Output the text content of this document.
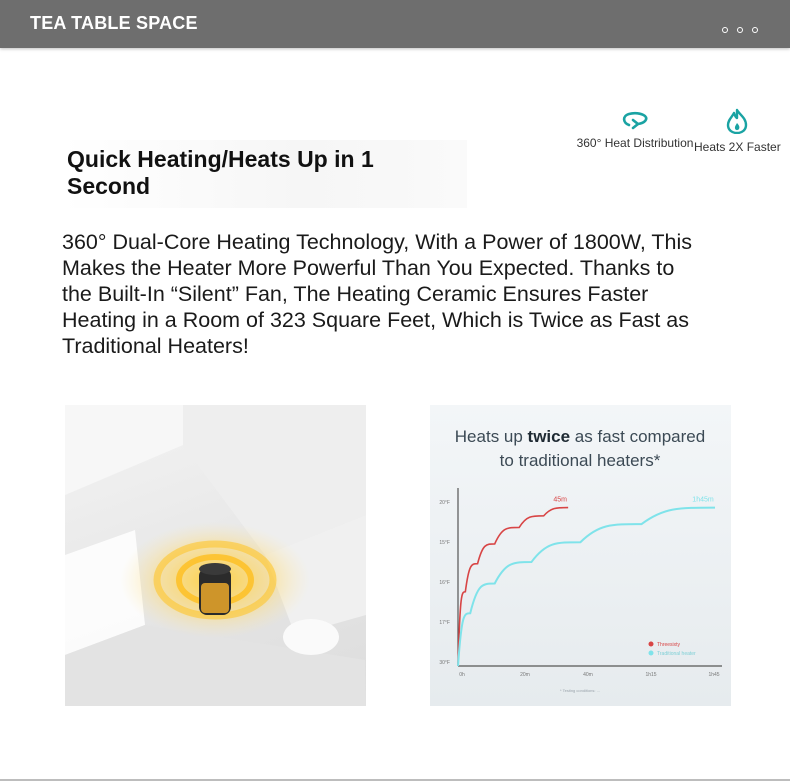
TEA TABLE SPACE
Quick Heating/Heats Up in 1 Second
360° Heat Distribution Heats 2X Faster
360° Dual-Core Heating Technology, With a Power of 1800W, This Makes the Heater More Powerful Than You Expected. Thanks to the Built-In “Silent” Fan, The Heating Ceramic Ensures Faster Heating in a Room of 323 Square Feet, Which is Twice as Fast as Traditional Heaters!
Heats up twice as fast compared
to traditional heaters*
30°F
17°F
16°F
15°F
20°F
0h	20m	40m	1h15	1h45
45m	1h45m
Threesixty
Traditional heater
* Testing conditions: ...
